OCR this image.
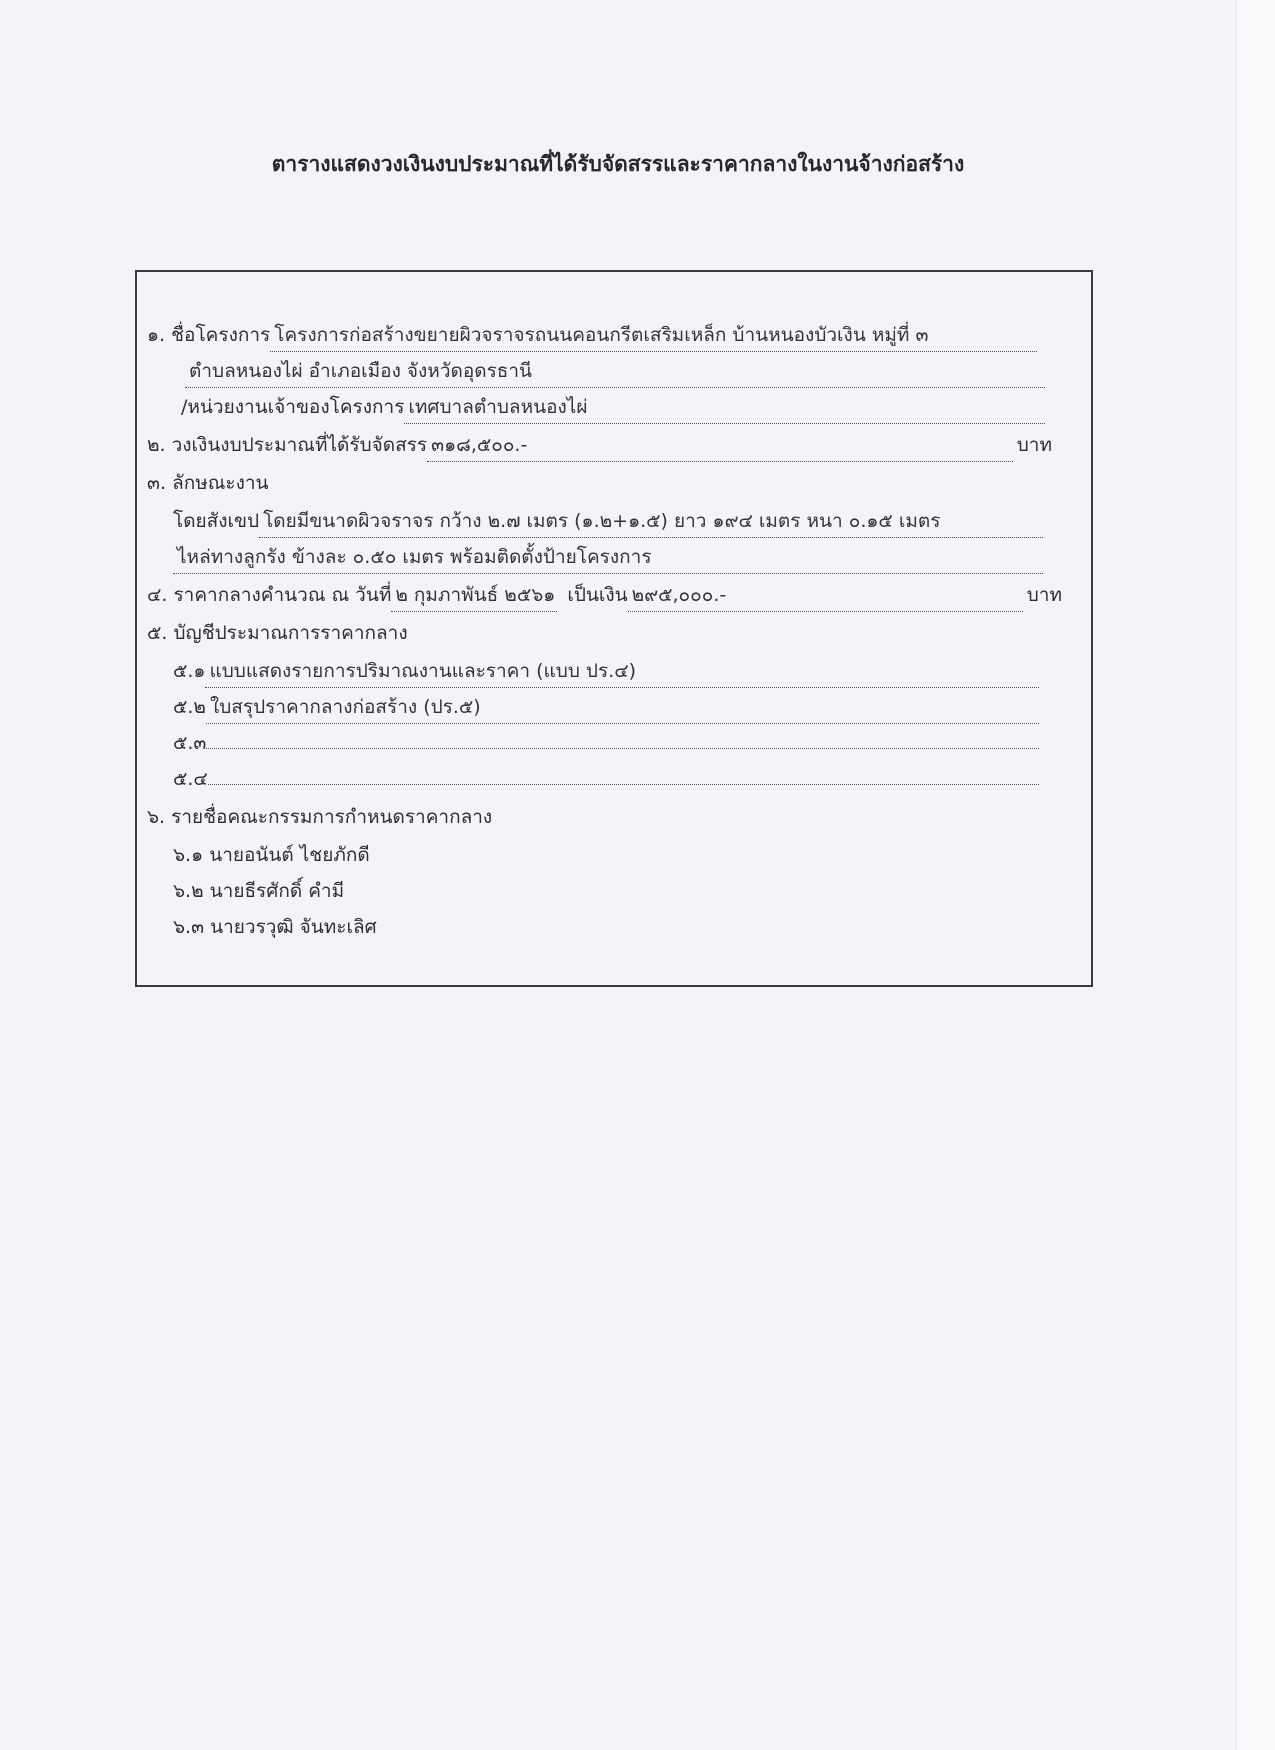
ตารางแสดงวงเงินงบประมาณที่ได้รับจัดสรรและราคากลางในงานจ้างก่อสร้าง
๑. ชื่อโครงการ โครงการก่อสร้างขยายผิวจราจรถนนคอนกรีตเสริมเหล็ก บ้านหนองบัวเงิน หมู่ที่ ๓
ตำบลหนองไผ่ อำเภอเมือง จังหวัดอุดรธานี
/หน่วยงานเจ้าของโครงการ เทศบาลตำบลหนองไผ่
๒. วงเงินงบประมาณที่ได้รับจัดสรร ๓๑๘,๕๐๐.-	บาท
๓. ลักษณะงาน
โดยสังเขป โดยมีขนาดผิวจราจร กว้าง ๒.๗ เมตร (๑.๒+๑.๕) ยาว ๑๙๔ เมตร หนา ๐.๑๕ เมตร
ไหล่ทางลูกรัง ข้างละ ๐.๕๐ เมตร พร้อมติดตั้งป้ายโครงการ
๔. ราคากลางคำนวณ ณ วันที่ ๒ กุมภาพันธ์ ๒๕๖๑ เป็นเงิน ๒๙๕,๐๐๐.-	บาท
๕. บัญชีประมาณการราคากลาง
๕.๑ แบบแสดงรายการปริมาณงานและราคา (แบบ ปร.๔)
๕.๒ ใบสรุปราคากลางก่อสร้าง (ปร.๕)
๕.๓
๕.๔
๖. รายชื่อคณะกรรมการกำหนดราคากลาง
๖.๑ นายอนันต์ ไชยภักดี
๖.๒ นายธีรศักดิ์ คำมี
๖.๓ นายวรวุฒิ จันทะเลิศ
